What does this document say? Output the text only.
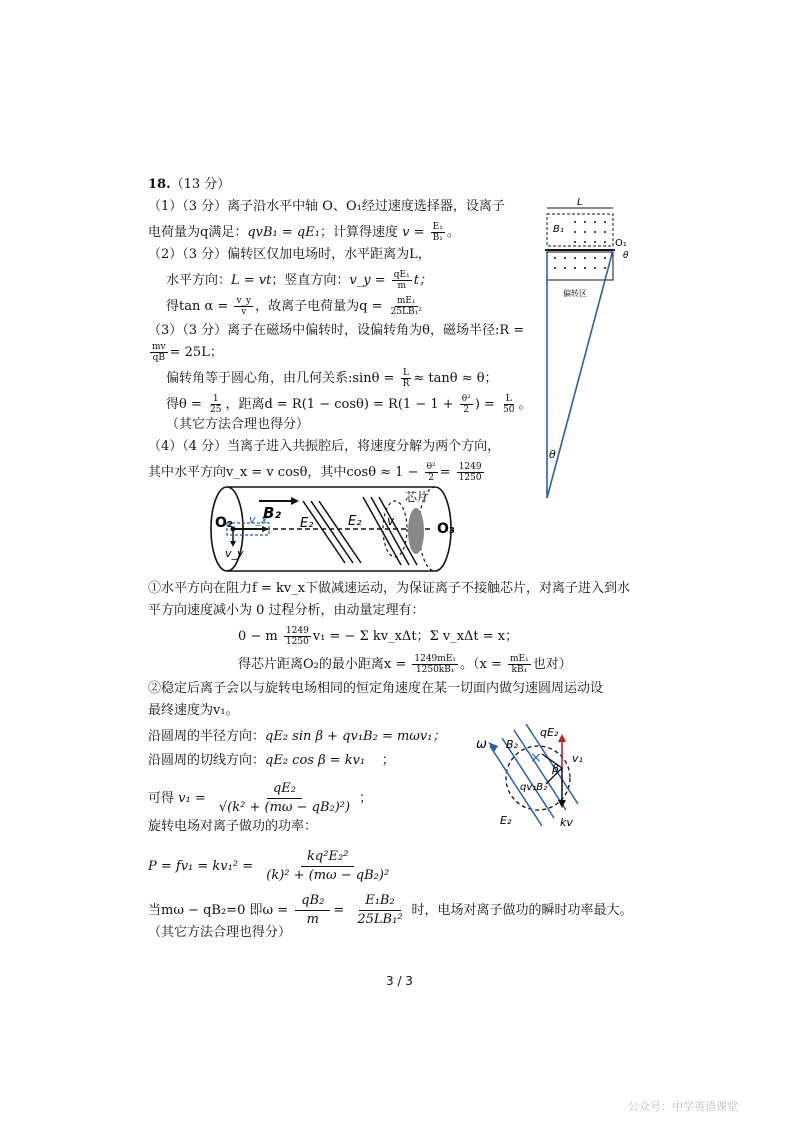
18.（13 分）
（1）（3 分）离子沿水平中轴 O、O₁经过速度选择器，设离子
电荷量为q满足：qvB₁ = qE₁；计算得速度 $v = \frac{\text{E₁}}{\text{B₁}}$ 。
（2）（3 分）偏转区仅加电场时，水平距离为L，
水平方向：L = vt；竖直方向：v_y = $\frac{\text{qE₁}}{m}$ t；
得$\tan \alpha = \frac{v\_y}{v}$ ，故离子电荷量为$q = \frac{\text{mE₁}}{\text{25LB₁²}}$
（3）（3 分）离子在磁场中偏转时，设偏转角为θ，磁场半径:R =
$\frac{mv}{qB} = 25L$；
偏转角等于圆心角，由几何关系:sinθ = $\frac{L}{R} \approx \tan\theta \approx \theta$；
得$\theta = \frac{1}{25}$ ，距离$d = R(1 - \cos\theta) = R(1 - 1 + \frac{\text{θ²}}{2}$ ) = $\frac{L}{50}$ 。
（其它方法合理也得分）
（4）（4 分）当离子进入共振腔后，将速度分解为两个方向，
其中水平方向v_x = v cosθ，其中$\cos\theta \approx 1 - \frac{\text{θ²}}{2} = \frac{1249}{1250}$
O₂ v_x
v_y
B₂
E₂	E₂ v
芯片
O₃
L
B₁
O₁
θ
偏转区
θ
①水平方向在阻力f = kv_x下做减速运动，为保证离子不接触芯片，对离子进入到水
平方向速度减小为 0 过程分析，由动量定理有：
0 − m $\frac{1249}{1250} v_1$ = − Σ kv_xΔt；Σ v_xΔt = x；
得芯片距离O₂的最小距离$x = \frac{\text{1249mE₁}}{\text{1250kB₁}}$ 。（$x = \frac{\text{mE₁}}{\text{kB₁}}$ 也对）
②稳定后离子会以与旋转电场相同的恒定角速度在某一切面内做匀速圆周运动设
最终速度为v₁。
沿圆周的半径方向：qE₂ sin β + qv₁B₂ = mωv₁；
沿圆周的切线方向：qE₂ cos β = kv₁ ；
可得 $v_1 = \frac{\text{qE₂}}{\text{√(k² + (mω − qB₂)²)}}$ ；
旋转电场对离子做功的功率：
$P = fv_1 = kv_1^2 = \frac{\text{kq²E₂²}}{\text{(k)² + (mω − qB₂)²}}$
当mω − qB₂=0 即$\omega = \frac{\text{qB₂}}{m} = \frac{\text{E₁B₂}}{\text{25LB₁²}}$ 时，电场对离子做功的瞬时功率最大。
（其它方法合理也得分）
×
ω B₂
qE₂
v₁
β
qv₁B₂
E₂	kv
3 / 3
公众号：中学英语课堂
